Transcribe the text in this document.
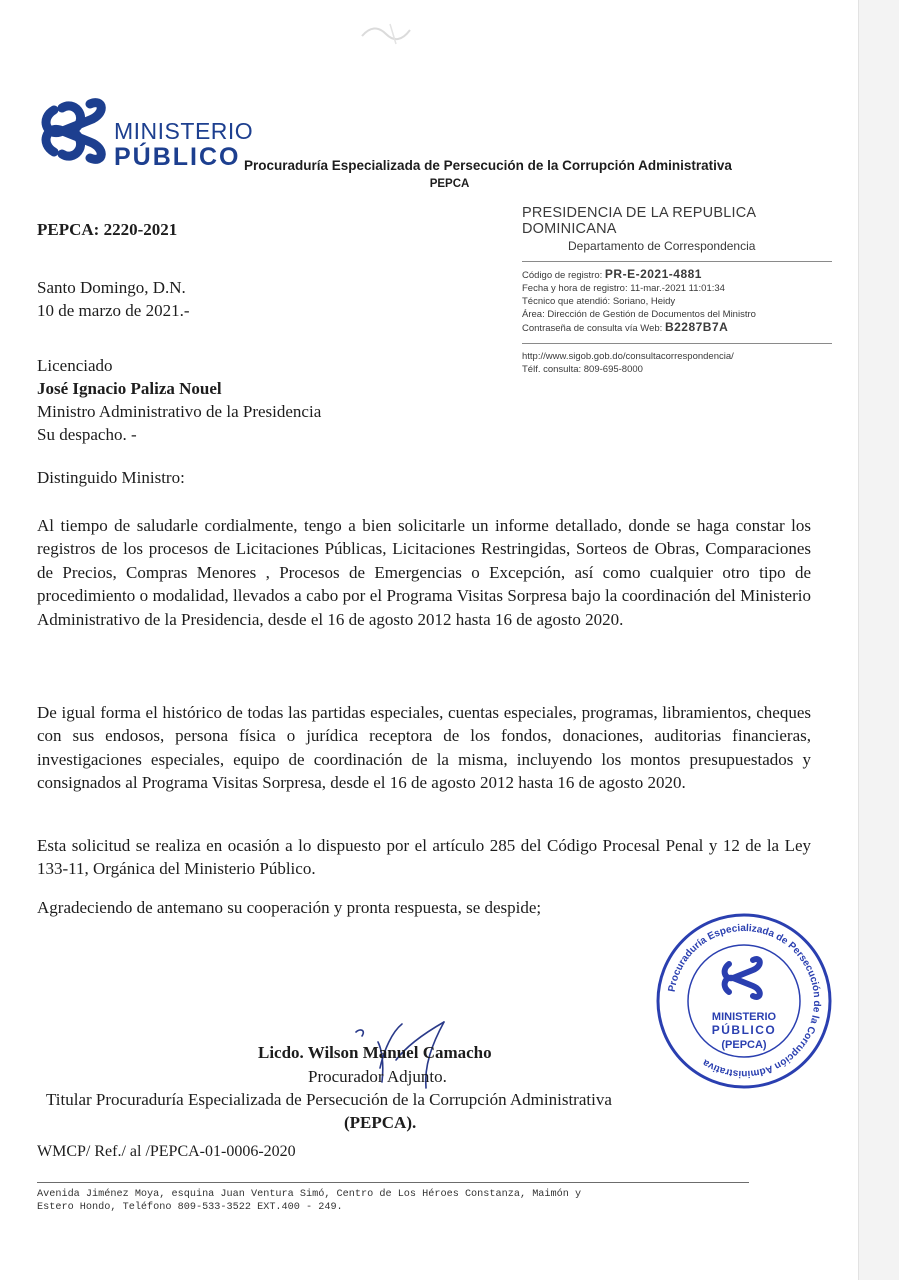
MINISTERIO
PÚBLICO Procuraduría Especializada de Persecución de la Corrupción Administrativa
PEPCA
PEPCA: 2220-2021
PRESIDENCIA DE LA REPUBLICA DOMINICANA
Departamento de Correspondencia
Código de registro: PR-E-2021-4881
Fecha y hora de registro: 11-mar.-2021 11:01:34
Técnico que atendió: Soriano, Heidy
Área: Dirección de Gestión de Documentos del Ministro
Contraseña de consulta vía Web: B2287B7A
http://www.sigob.gob.do/consultacorrespondencia/
Télf. consulta: 809-695-8000
Santo Domingo, D.N.
10 de marzo de 2021.-
Licenciado
José Ignacio Paliza Nouel
Ministro Administrativo de la Presidencia
Su despacho. -
Distinguido Ministro:
Al tiempo de saludarle cordialmente, tengo a bien solicitarle un informe detallado, donde se haga constar los registros de los procesos de Licitaciones Públicas, Licitaciones Restringidas, Sorteos de Obras, Comparaciones de Precios, Compras Menores , Procesos de Emergencias o Excepción, así como cualquier otro tipo de procedimiento o modalidad, llevados a cabo por el Programa Visitas Sorpresa bajo la coordinación del Ministerio Administrativo de la Presidencia, desde el 16 de agosto 2012 hasta 16 de agosto 2020.
De igual forma el histórico de todas las partidas especiales, cuentas especiales, programas, libramientos, cheques con sus endosos, persona física o jurídica receptora de los fondos, donaciones, auditorias financieras, investigaciones especiales, equipo de coordinación de la misma, incluyendo los montos presupuestados y consignados al Programa Visitas Sorpresa, desde el 16 de agosto 2012 hasta 16 de agosto 2020.
Esta solicitud se realiza en ocasión a lo dispuesto por el artículo 285 del Código Procesal Penal y 12 de la Ley 133-11, Orgánica del Ministerio Público.
Agradeciendo de antemano su cooperación y pronta respuesta, se despide;
Licdo. Wilson Manuel Camacho
Procurador Adjunto.
Titular Procuraduría Especializada de Persecución de la Corrupción Administrativa
(PEPCA).
Procuraduría Especializada de Persecución de la Corrupción Administrativa
MINISTERIO
PÚBLICO
(PEPCA)
WMCP/ Ref./ al /PEPCA-01-0006-2020
Avenida Jiménez Moya, esquina Juan Ventura Simó, Centro de Los Héroes Constanza, Maimón y
Estero Hondo, Teléfono 809-533-3522 EXT.400 - 249.
